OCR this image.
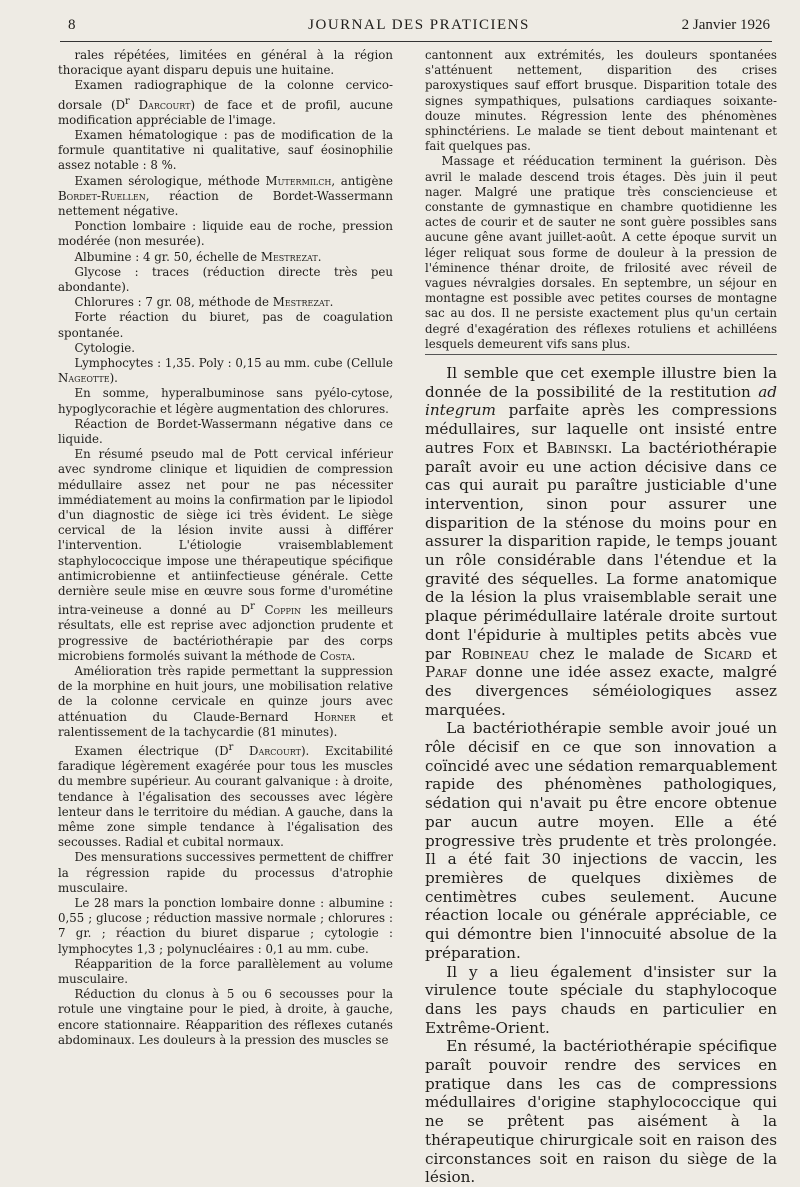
8	JOURNAL DES PRATICIENS	2 Janvier 1926

rales répétées, limitées en général à la région thoracique ayant disparu depuis une huitaine.

Examen radiographique de la colonne cervico-dorsale ($D^r$ Darcourt) de face et de profil, aucune modification appréciable de l'image.

Examen hématologique : pas de modification de la formule quantitative ni qualitative, sauf éosinophilie assez notable : 8 %.

Examen sérologique, méthode Mutermilch, antigène Bordet-Ruellen, réaction de Bordet-Wassermann nettement négative.

Ponction lombaire : liquide eau de roche, pression modérée (non mesurée).

Albumine : 4 gr. 50, échelle de Mestrezat.

Glycose : traces (réduction directe très peu abondante).

Chlorures : 7 gr. 08, méthode de Mestrezat.

Forte réaction du biuret, pas de coagulation spontanée.

Cytologie.

Lymphocytes : 1,35. Poly : 0,15 au mm. cube (Cellule Nageotte).

En somme, hyperalbuminose sans pyélo-cytose, hypoglycorachie et légère augmentation des chlorures.

Réaction de Bordet-Wassermann négative dans ce liquide.

En résumé pseudo mal de Pott cervical inférieur avec syndrome clinique et liquidien de compression médullaire assez net pour ne pas nécessiter immédiatement au moins la confirmation par le lipiodol d'un diagnostic de siège ici très évident. Le siège cervical de la lésion invite aussi à différer l'intervention. L'étiologie vraisemblablement staphylococcique impose une thérapeutique spécifique antimicrobienne et antiinfectieuse générale. Cette dernière seule mise en œuvre sous forme d'urométine intra-veineuse a donné au $D^r$ Coppin les meilleurs résultats, elle est reprise avec adjonction prudente et progressive de bactériothérapie par des corps microbiens formolés suivant la méthode de Costa.

Amélioration très rapide permettant la suppression de la morphine en huit jours, une mobilisation relative de la colonne cervicale en quinze jours avec atténuation du Claude-Bernard Horner et ralentissement de la tachycardie (81 minutes).

Examen électrique ($D^r$ Darcourt). Excitabilité faradique légèrement exagérée pour tous les muscles du membre supérieur. Au courant galvanique : à droite, tendance à l'égalisation des secousses avec légère lenteur dans le territoire du médian. A gauche, dans la même zone simple tendance à l'égalisation des secousses. Radial et cubital normaux.

Des mensurations successives permettent de chiffrer la régression rapide du processus d'atrophie musculaire.

Le 28 mars la ponction lombaire donne : albumine : 0,55 ; glucose ; réduction massive normale ; chlorures : 7 gr. ; réaction du biuret disparue ; cytologie : lymphocytes 1,3 ; polynucléaires : 0,1 au mm. cube.

Réapparition de la force parallèlement au volume musculaire.

Réduction du clonus à 5 ou 6 secousses pour la rotule une vingtaine pour le pied, à droite, à gauche, encore stationnaire. Réapparition des réflexes cutanés abdominaux. Les douleurs à la pression des muscles se

cantonnent aux extrémités, les douleurs spontanées s'atténuent nettement, disparition des crises paroxystiques sauf effort brusque. Disparition totale des signes sympathiques, pulsations cardiaques soixante-douze minutes. Régression lente des phénomènes sphinctériens. Le malade se tient debout maintenant et fait quelques pas.

Massage et rééducation terminent la guérison. Dès avril le malade descend trois étages. Dès juin il peut nager. Malgré une pratique très consciencieuse et constante de gymnastique en chambre quotidienne les actes de courir et de sauter ne sont guère possibles sans aucune gêne avant juillet-août. A cette époque survit un léger reliquat sous forme de douleur à la pression de l'éminence thénar droite, de frilosité avec réveil de vagues névralgies dorsales. En septembre, un séjour en montagne est possible avec petites courses de montagne sac au dos. Il ne persiste exactement plus qu'un certain degré d'exagération des réflexes rotuliens et achilléens lesquels demeurent vifs sans plus.

Il semble que cet exemple illustre bien la donnée de la possibilité de la restitution ad integrum parfaite après les compressions médullaires, sur laquelle ont insisté entre autres Foix et Babinski. La bactériothérapie paraît avoir eu une action décisive dans ce cas qui aurait pu paraître justiciable d'une intervention, sinon pour assurer une disparition de la sténose du moins pour en assurer la disparition rapide, le temps jouant un rôle considérable dans l'étendue et la gravité des séquelles. La forme anatomique de la lésion la plus vraisemblable serait une plaque périmédullaire latérale droite surtout dont l'épidurie à multiples petits abcès vue par Robineau chez le malade de Sicard et Paraf donne une idée assez exacte, malgré des divergences séméiologiques assez marquées.

La bactériothérapie semble avoir joué un rôle décisif en ce que son innovation a coïncidé avec une sédation remarquablement rapide des phénomènes pathologiques, sédation qui n'avait pu être encore obtenue par aucun autre moyen. Elle a été progressive très prudente et très prolongée. Il a été fait 30 injections de vaccin, les premières de quelques dixièmes de centimètres cubes seulement. Aucune réaction locale ou générale appréciable, ce qui démontre bien l'innocuité absolue de la préparation.

Il y a lieu également d'insister sur la virulence toute spéciale du staphylocoque dans les pays chauds en particulier en Extrême-Orient.

En résumé, la bactériothérapie spécifique paraît pouvoir rendre des services en pratique dans les cas de compressions médullaires d'origine staphylococcique qui ne se prêtent pas aisément à la thérapeutique chirurgicale soit en raison des circonstances soit en raison du siège de la lésion.
